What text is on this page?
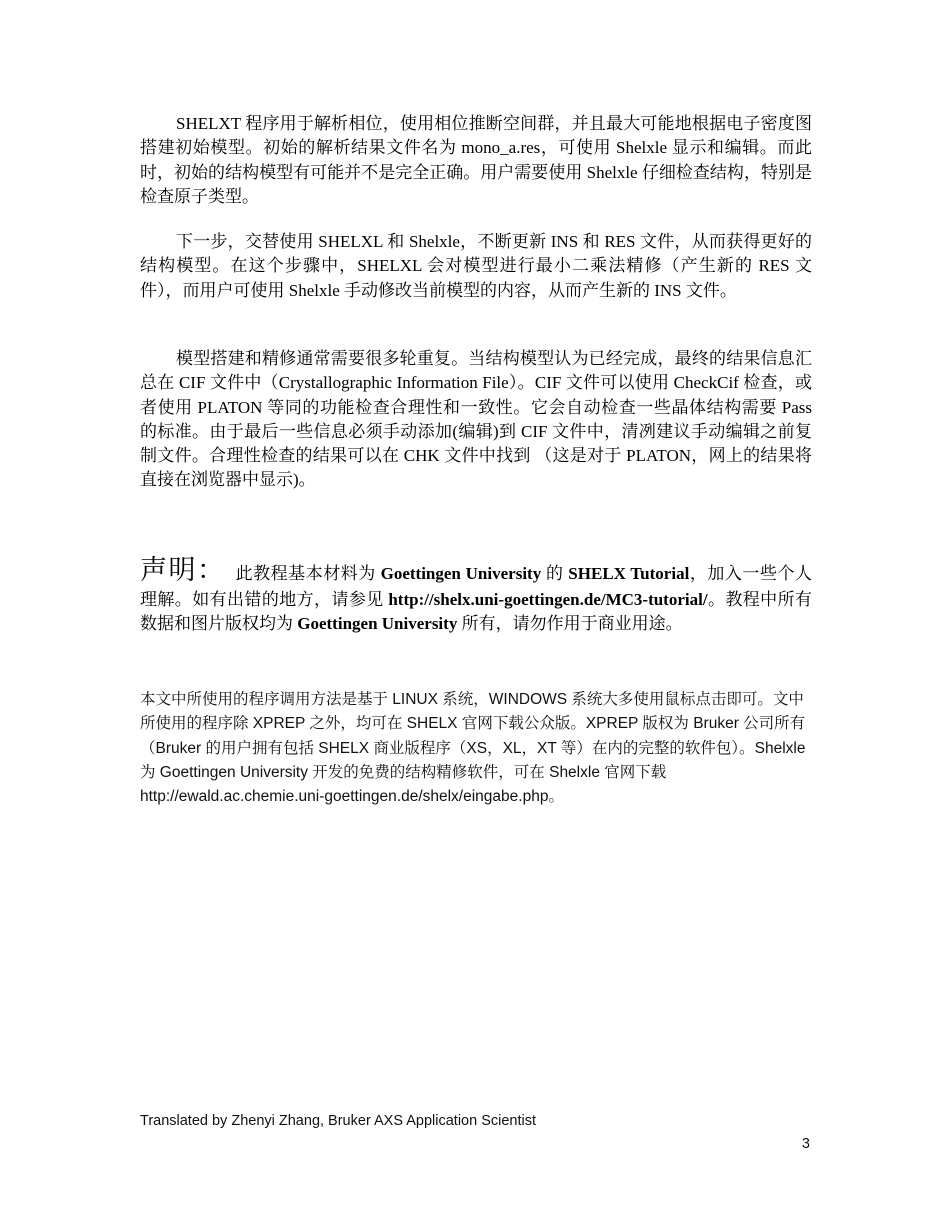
SHELXT 程序用于解析相位，使用相位推断空间群，并且最大可能地根据电子密度图搭建初始模型。初始的解析结果文件名为 mono_a.res，可使用 Shelxle 显示和编辑。而此时，初始的结构模型有可能并不是完全正确。用户需要使用 Shelxle 仔细检查结构，特别是检查原子类型。
下一步，交替使用 SHELXL 和 Shelxle，不断更新 INS 和 RES 文件，从而获得更好的结构模型。在这个步骤中，SHELXL 会对模型进行最小二乘法精修（产生新的 RES 文件），而用户可使用 Shelxle 手动修改当前模型的内容，从而产生新的 INS 文件。
模型搭建和精修通常需要很多轮重复。当结构模型认为已经完成，最终的结果信息汇总在 CIF 文件中（Crystallographic Information File）。CIF 文件可以使用 CheckCif 检查，或者使用 PLATON 等同的功能检查合理性和一致性。它会自动检查一些晶体结构需要 Pass 的标准。由于最后一些信息必须手动添加(编辑)到 CIF 文件中，清冽建议手动编辑之前复制文件。合理性检查的结果可以在 CHK 文件中找到 （这是对于 PLATON，网上的结果将直接在浏览器中显示)。
声明： 此教程基本材料为 Goettingen University 的 SHELX Tutorial，加入一些个人理解。如有出错的地方，请参见 http://shelx.uni-goettingen.de/MC3-tutorial/。教程中所有数据和图片版权均为 Goettingen University 所有，请勿作用于商业用途。
本文中所使用的程序调用方法是基于 LINUX 系统，WINDOWS 系统大多使用鼠标点击即可。文中所使用的程序除 XPREP 之外，均可在 SHELX 官网下载公众版。XPREP 版权为 Bruker 公司所有（Bruker 的用户拥有包括 SHELX 商业版程序（XS，XL，XT 等）在内的完整的软件包）。Shelxle 为 Goettingen University 开发的免费的结构精修软件，可在 Shelxle 官网下载 http://ewald.ac.chemie.uni-goettingen.de/shelx/eingabe.php。
Translated by Zhenyi Zhang, Bruker AXS Application Scientist
3
